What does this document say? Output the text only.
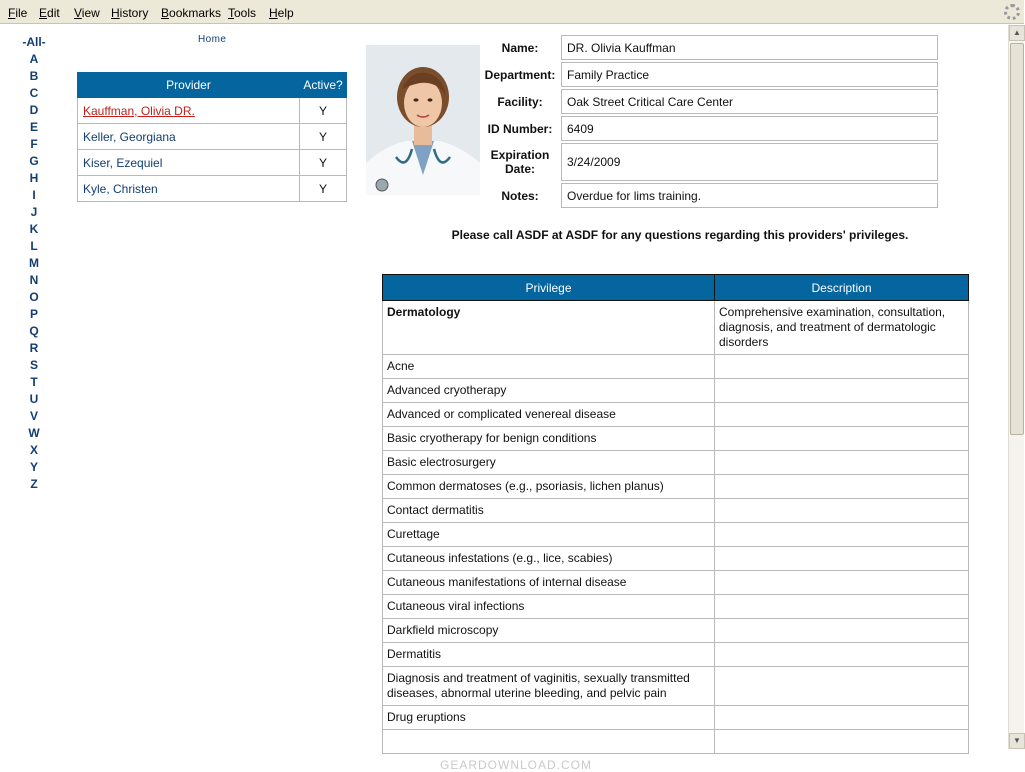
File Edit View History Bookmarks Tools Help
-All-
A
B
C
D
E
F
G
H
I
J
K
L
M
N
O
P
Q
R
S
T
U
V
W
X
Y
Z
Home
Provider	Active?
Kauffman, Olivia DR.	Y
Keller, Georgiana	Y
Kiser, Ezequiel	Y
Kyle, Christen	Y
Name:	DR. Olivia Kauffman
Department:	Family Practice
Facility:	Oak Street Critical Care Center
ID Number:	6409
Expiration Date:	3/24/2009
Notes:	Overdue for lims training.
Please call ASDF at ASDF for any questions regarding this providers' privileges.
Privilege	Description
Dermatology	Comprehensive examination, consultation, diagnosis, and treatment of dermatologic disorders
Acne	
Advanced cryotherapy	
Advanced or complicated venereal disease	
Basic cryotherapy for benign conditions	
Basic electrosurgery	
Common dermatoses (e.g., psoriasis, lichen planus)	
Contact dermatitis	
Curettage	
Cutaneous infestations (e.g., lice, scabies)	
Cutaneous manifestations of internal disease	
Cutaneous viral infections	
Darkfield microscopy	
Dermatitis	
Diagnosis and treatment of vaginitis, sexually transmitted diseases, abnormal uterine bleeding, and pelvic pain	
Drug eruptions	

GEARDOWNLOAD.COM
▲
▼
